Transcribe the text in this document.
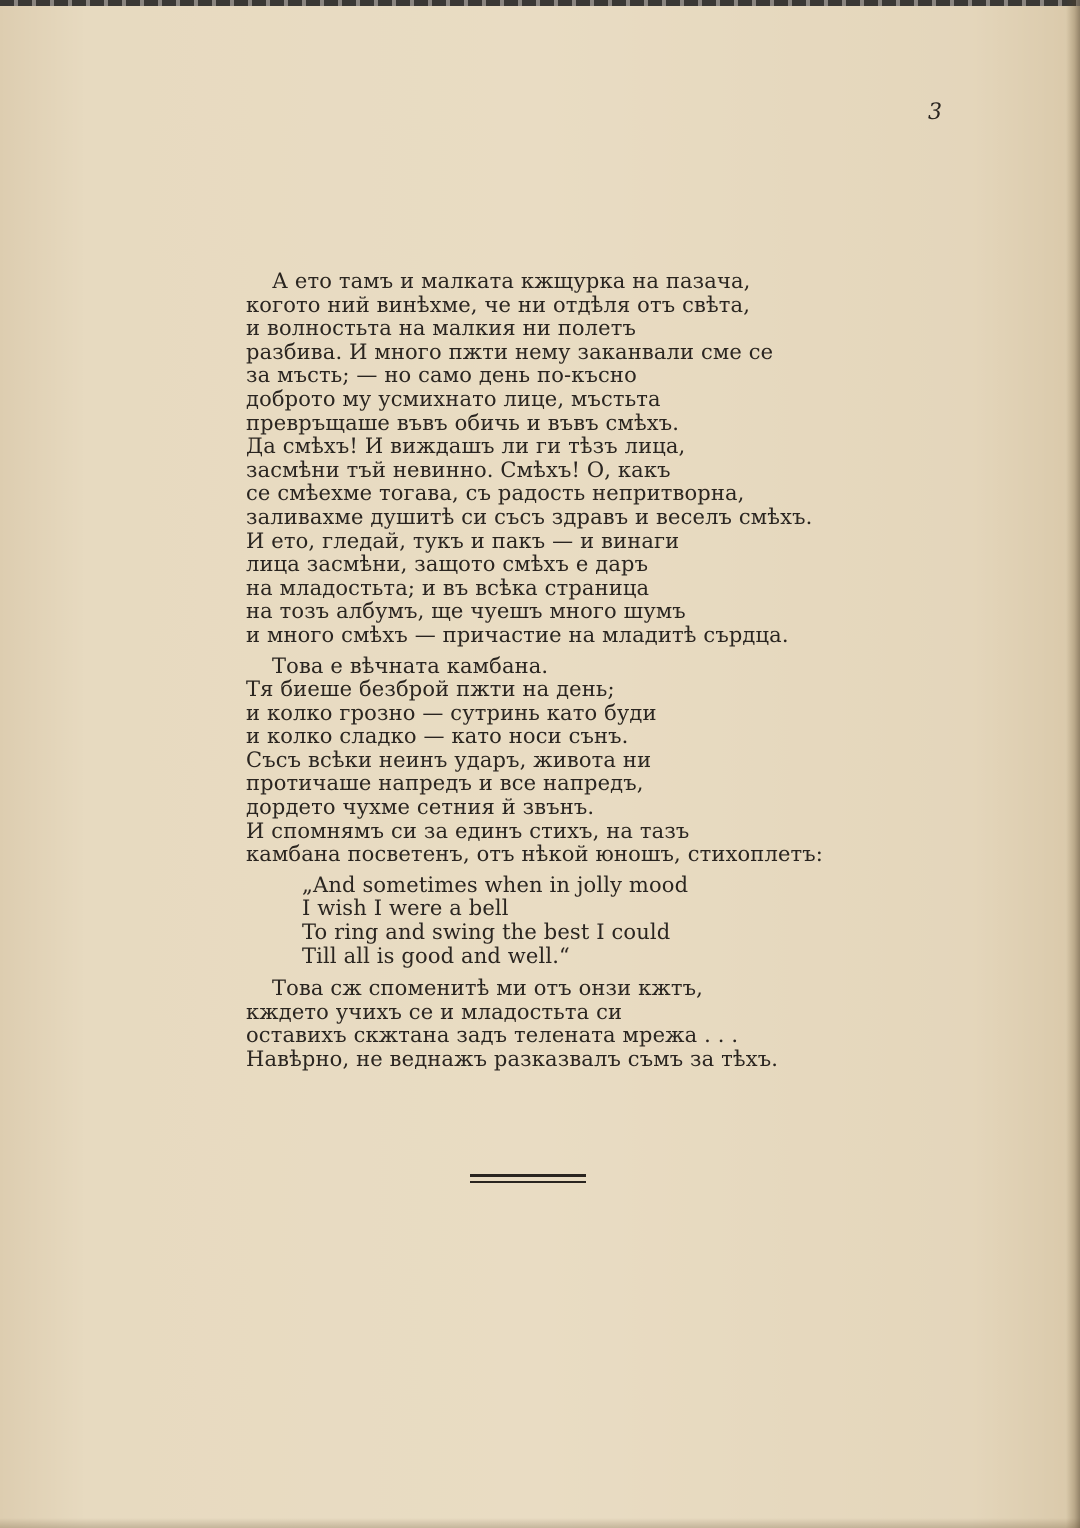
3
А ето тамъ и малката кжщурка на пазача,
когото ний винѣхме, че ни отдѣля отъ свѣта,
и волностьта на малкия ни полетъ
разбива. И много пжти нему заканвали сме се
за мъсть; — но само день по-късно
доброто му усмихнато лице, мъстьта
превръщаше въвъ обичь и въвъ смѣхъ.
Да смѣхъ! И виждашъ ли ги тѣзъ лица,
засмѣни тъй невинно. Смѣхъ! О, какъ
се смѣехме тогава, съ радость непритворна,
заливахме душитѣ си съсъ здравъ и веселъ смѣхъ.
И ето, гледай, тукъ и пакъ — и винаги
лица засмѣни, защото смѣхъ е даръ
на младостьта; и въ всѣка страница
на тозъ албумъ, ще чуешъ много шумъ
и много смѣхъ — причастие на младитѣ сърдца.
Това е вѣчната камбана.
Тя биеше безброй пжти на день;
и колко грозно — сутринь като буди
и колко сладко — като носи сънъ.
Съсъ всѣки неинъ ударъ, живота ни
протичаше напредъ и все напредъ,
дордето чухме сетния й звънъ.
И спомнямъ си за единъ стихъ, на тазъ
камбана посветенъ, отъ нѣкой юношъ, стихоплетъ:
„And sometimes when in jolly mood
I wish I were a bell
To ring and swing the best I could
Till all is good and well.“
Това сж споменитѣ ми отъ онзи кжтъ,
кждето учихъ се и младостьта си
оставихъ скжтана задъ телената мрежа . . .
Навѣрно, не веднажъ разказвалъ съмъ за тѣхъ.
